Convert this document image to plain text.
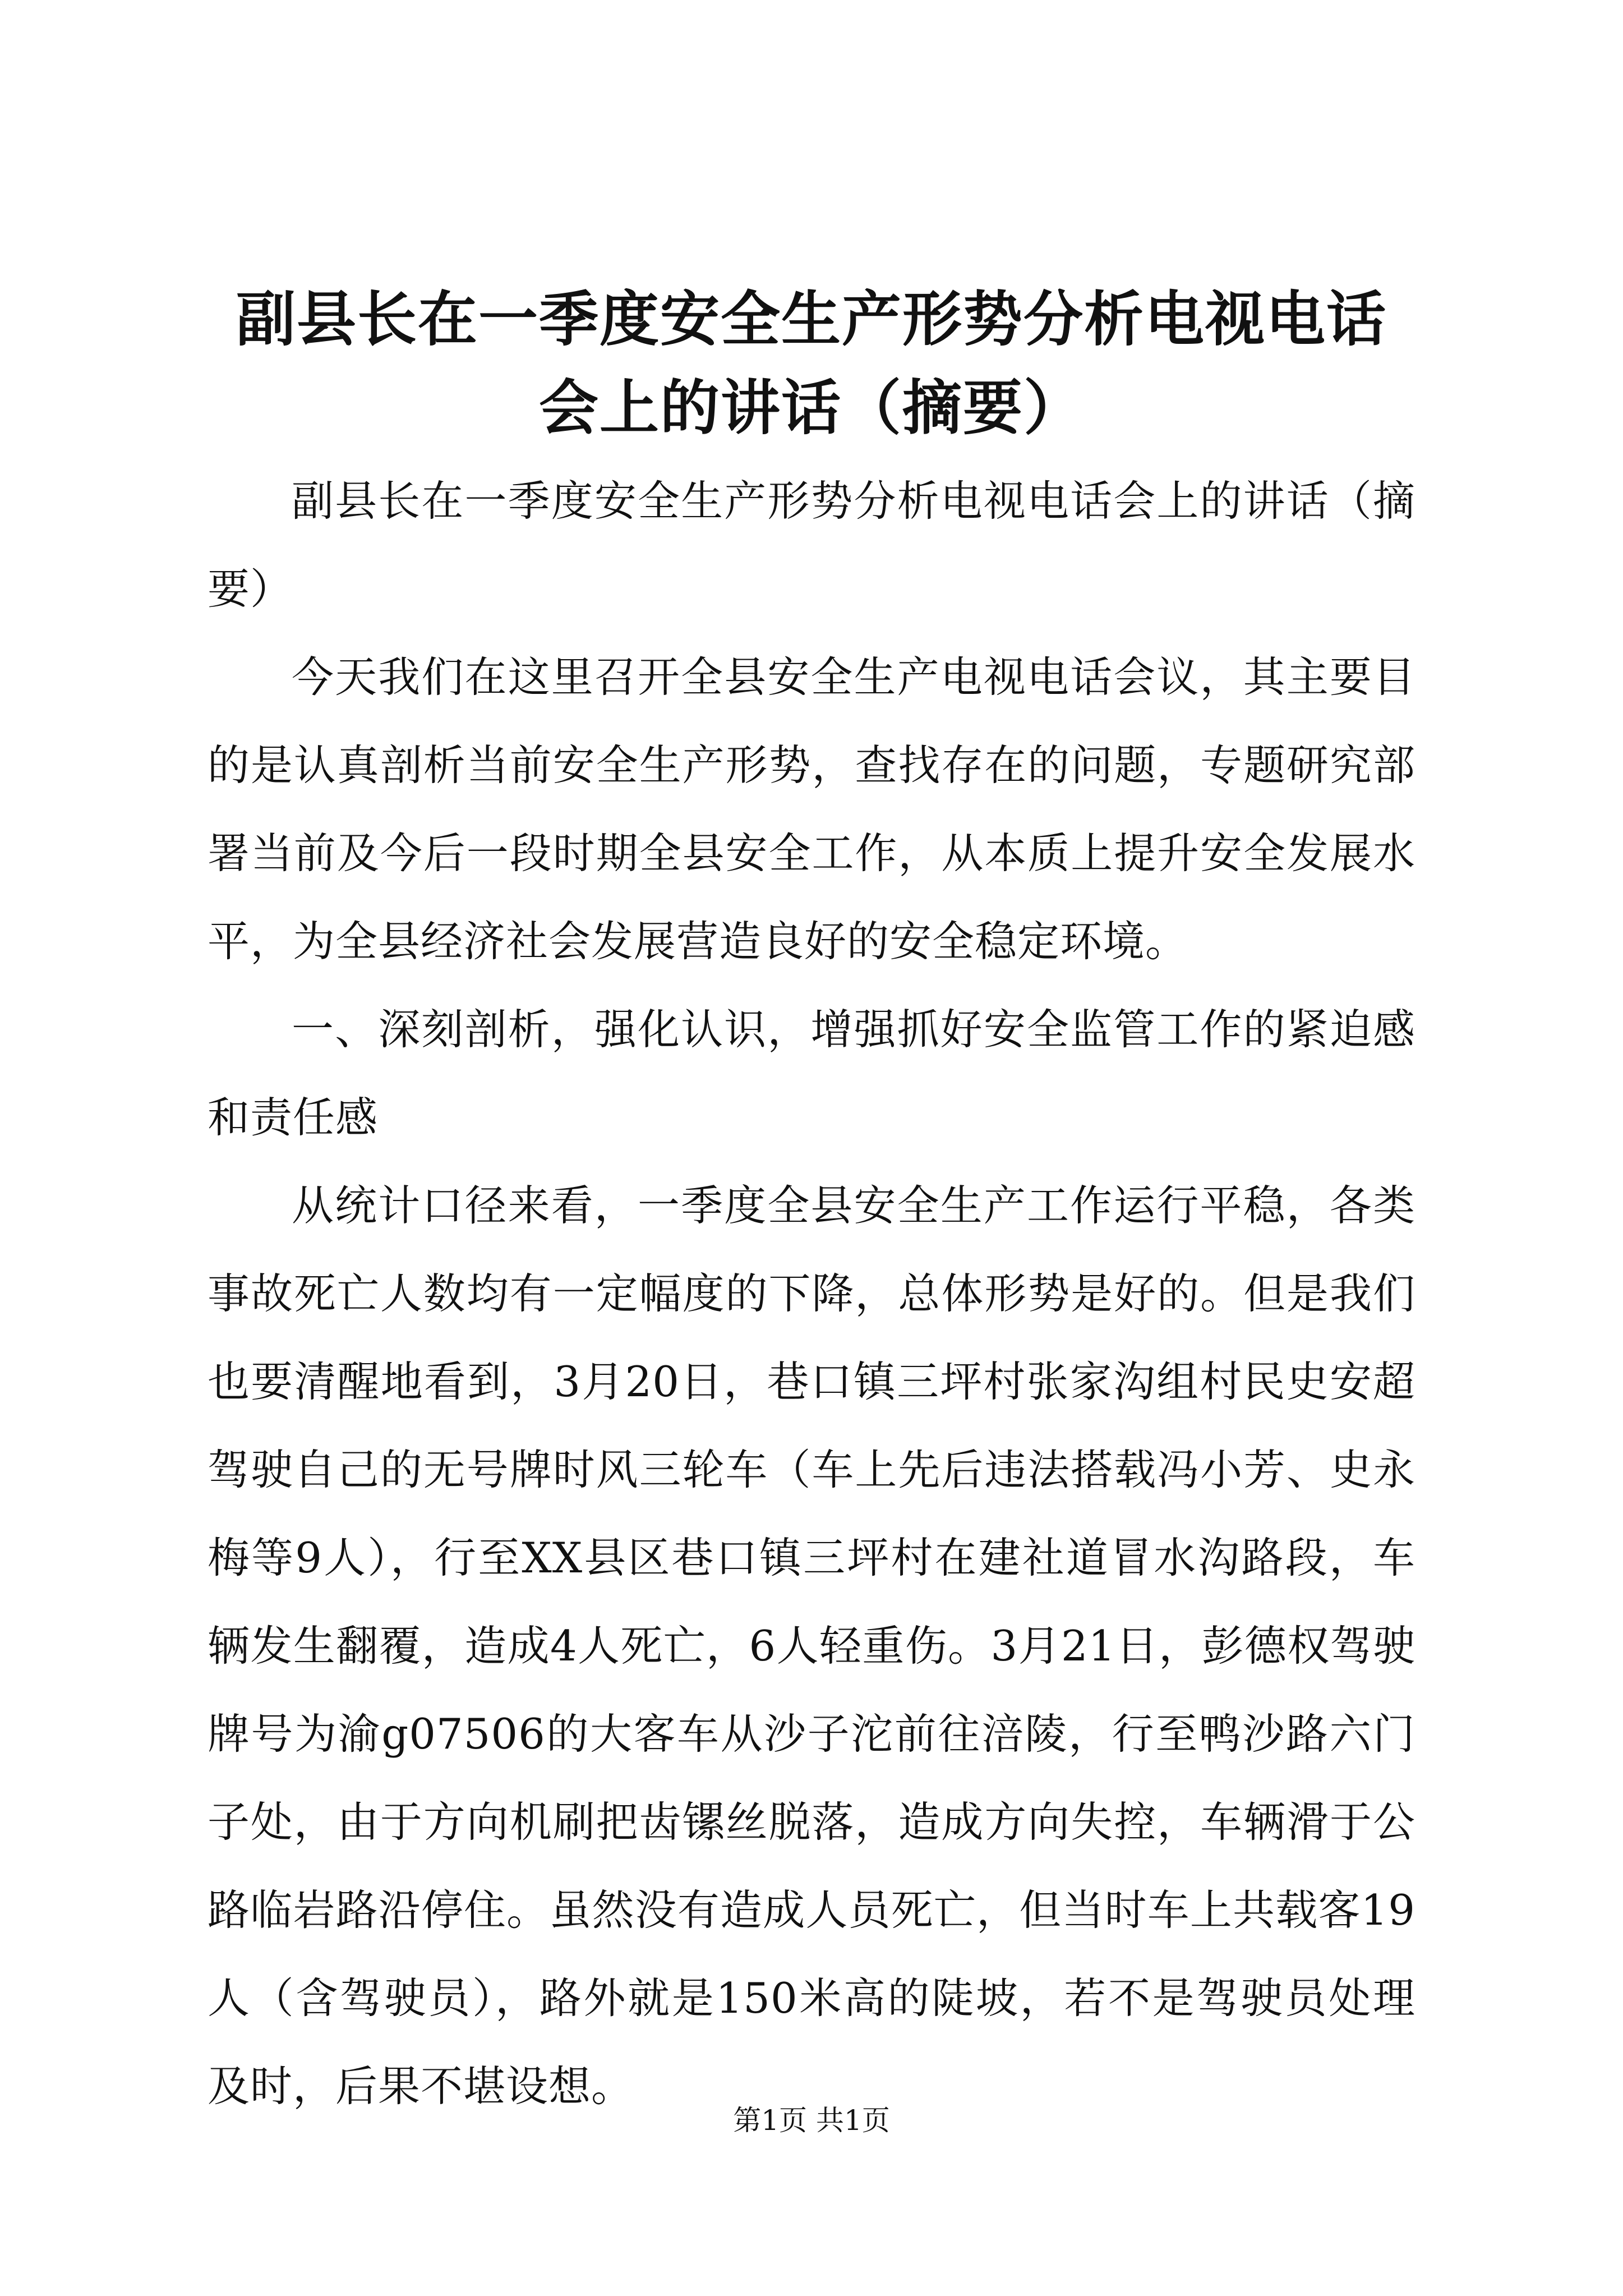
副县长在一季度安全生产形势分析电视电话会上的讲话（摘要）

副县长在一季度安全生产形势分析电视电话会上的讲话（摘要）

今天我们在这里召开全县安全生产电视电话会议，其主要目的是认真剖析当前安全生产形势，查找存在的问题，专题研究部署当前及今后一段时期全县安全工作，从本质上提升安全发展水平，为全县经济社会发展营造良好的安全稳定环境。

一、深刻剖析，强化认识，增强抓好安全监管工作的紧迫感和责任感

从统计口径来看，一季度全县安全生产工作运行平稳，各类事故死亡人数均有一定幅度的下降，总体形势是好的。但是我们也要清醒地看到，3月20日，巷口镇三坪村张家沟组村民史安超驾驶自己的无号牌时风三轮车（车上先后违法搭载冯小芳、史永梅等9人），行至XX县区巷口镇三坪村在建社道冒水沟路段，车辆发生翻覆，造成4人死亡，6人轻重伤。3月21日，彭德权驾驶牌号为渝g07506的大客车从沙子沱前往涪陵，行至鸭沙路六门子处，由于方向机刷把齿镙丝脱落，造成方向失控，车辆滑于公路临岩路沿停住。虽然没有造成人员死亡，但当时车上共载客19人（含驾驶员），路外就是150米高的陡坡，若不是驾驶员处理及时，后果不堪设想。

第1页 共1页
